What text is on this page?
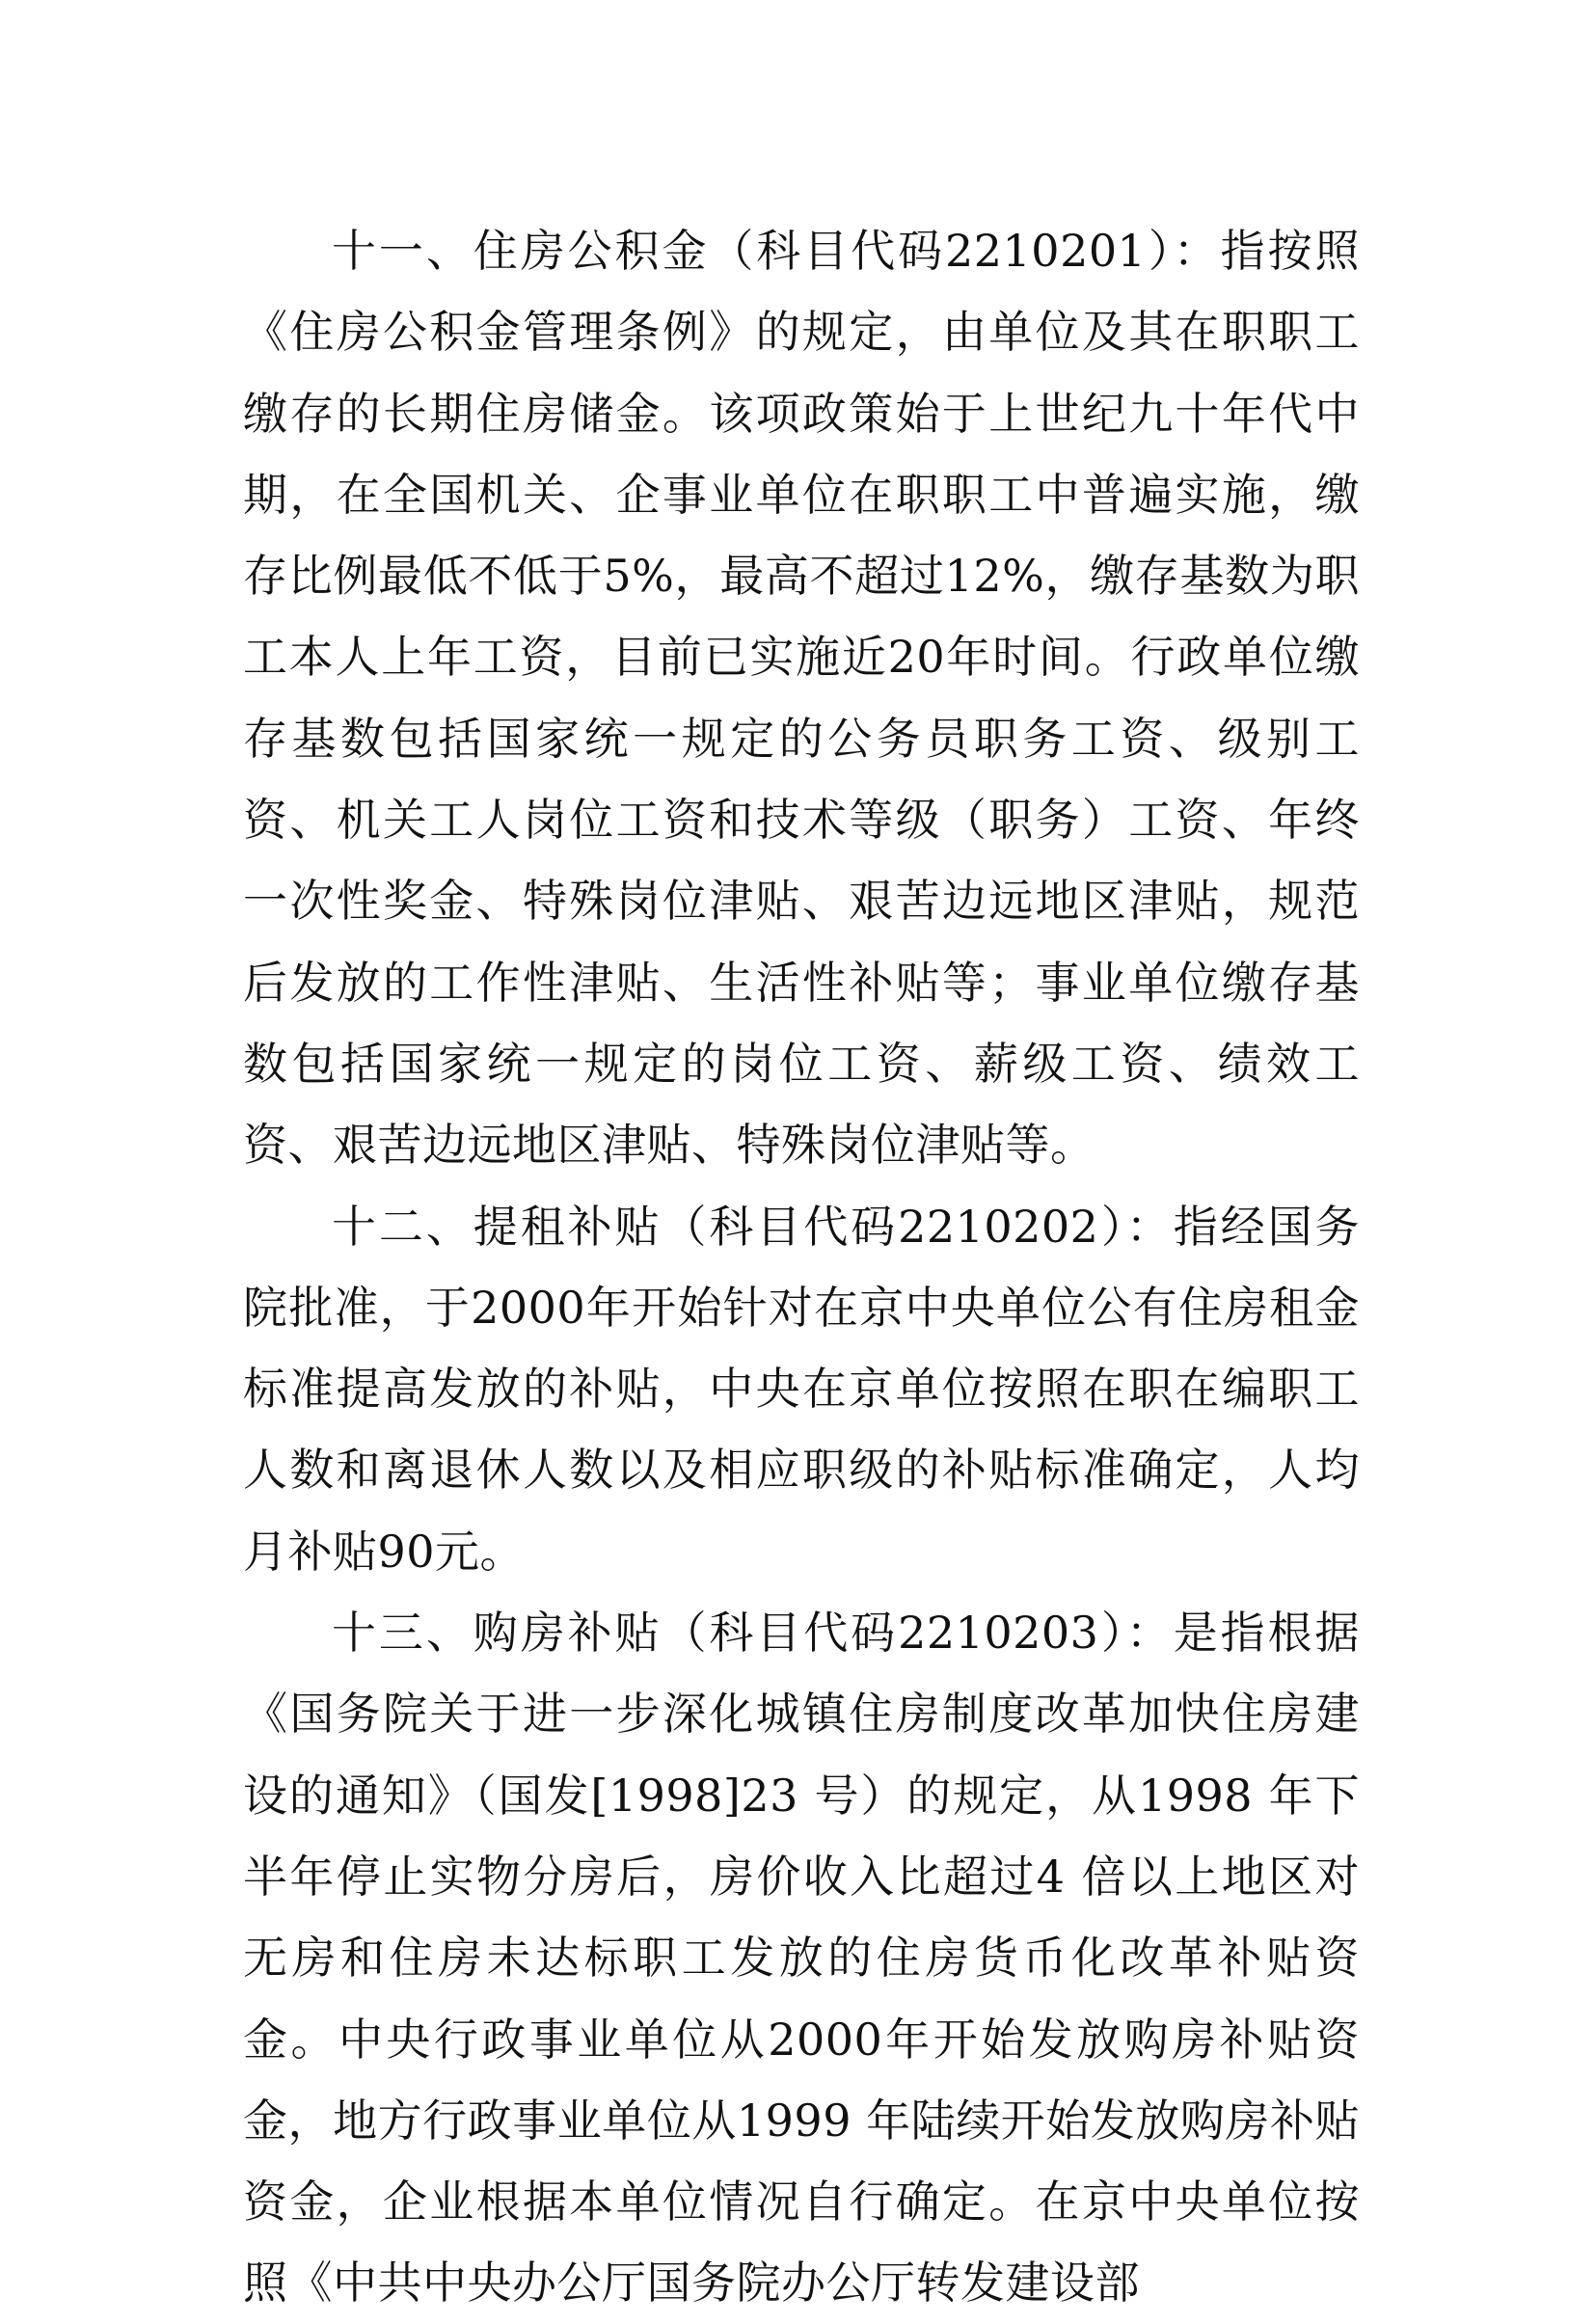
十一、住房公积金（科目代码2210201）：指按照《住房公积金管理条例》的规定，由单位及其在职职工缴存的长期住房储金。该项政策始于上世纪九十年代中期，在全国机关、企事业单位在职职工中普遍实施，缴存比例最低不低于5%，最高不超过12%，缴存基数为职工本人上年工资，目前已实施近20年时间。行政单位缴存基数包括国家统一规定的公务员职务工资、级别工资、机关工人岗位工资和技术等级（职务）工资、年终一次性奖金、特殊岗位津贴、艰苦边远地区津贴，规范后发放的工作性津贴、生活性补贴等；事业单位缴存基数包括国家统一规定的岗位工资、薪级工资、绩效工资、艰苦边远地区津贴、特殊岗位津贴等。

十二、提租补贴（科目代码2210202）：指经国务院批准，于2000年开始针对在京中央单位公有住房租金标准提高发放的补贴，中央在京单位按照在职在编职工人数和离退休人数以及相应职级的补贴标准确定，人均月补贴90元。

十三、购房补贴（科目代码2210203）：是指根据《国务院关于进一步深化城镇住房制度改革加快住房建设的通知》（国发[1998]23 号）的规定，从1998 年下半年停止实物分房后，房价收入比超过4 倍以上地区对无房和住房未达标职工发放的住房货币化改革补贴资金。中央行政事业单位从2000年开始发放购房补贴资金，地方行政事业单位从1999 年陆续开始发放购房补贴资金，企业根据本单位情况自行确定。在京中央单位按照《中共中央办公厅国务院办公厅转发建设部
